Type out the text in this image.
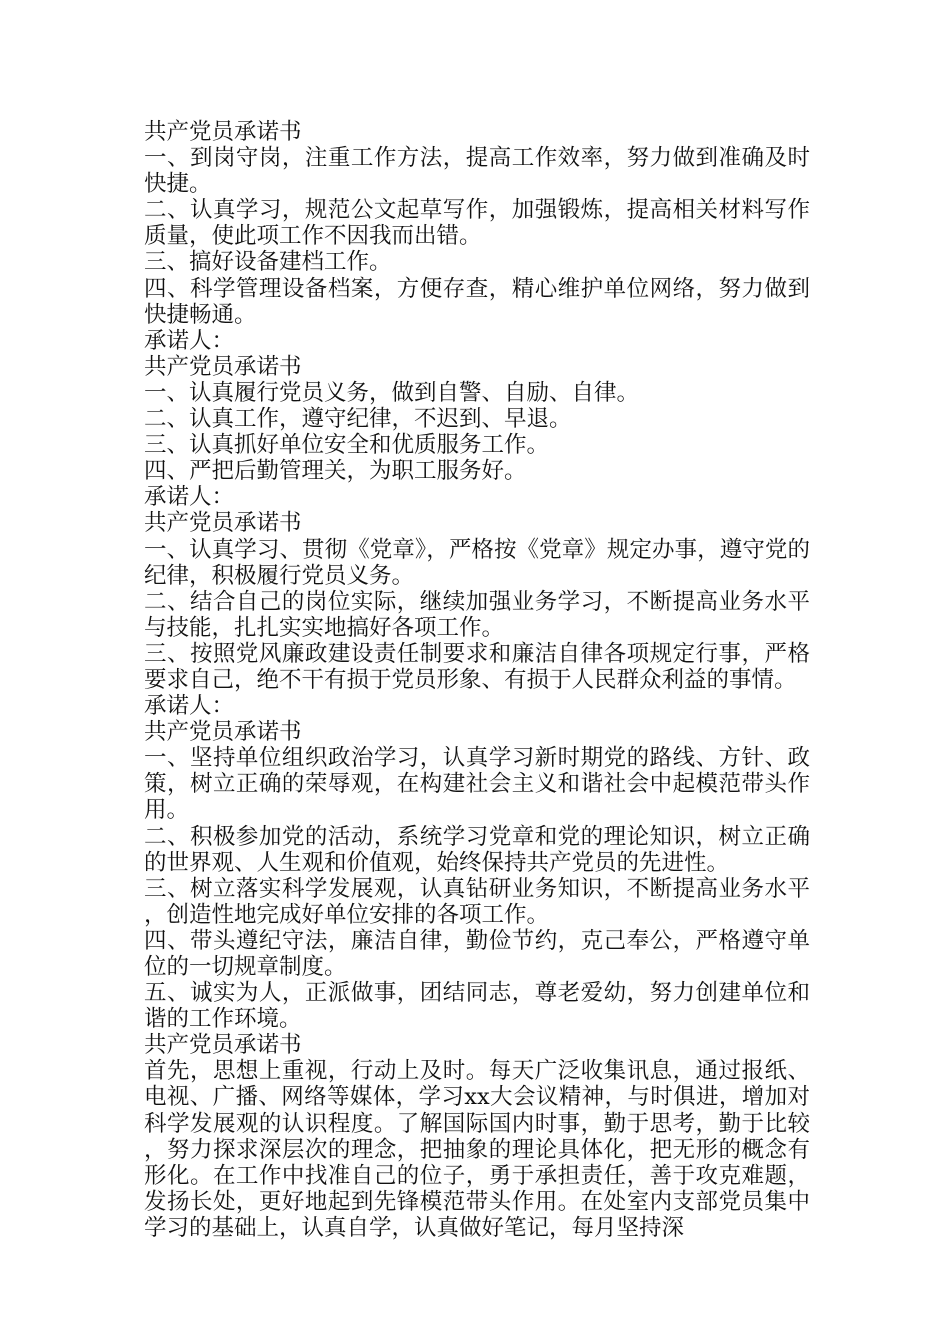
共产党员承诺书

一、到岗守岗，注重工作方法，提高工作效率，努力做到准确及时快捷。

二、认真学习，规范公文起草写作，加强锻炼，提高相关材料写作质量，使此项工作不因我而出错。

三、搞好设备建档工作。

四、科学管理设备档案，方便存查，精心维护单位网络，努力做到快捷畅通。

承诺人：

共产党员承诺书

一、认真履行党员义务，做到自警、自励、自律。

二、认真工作，遵守纪律，不迟到、早退。

三、认真抓好单位安全和优质服务工作。

四、严把后勤管理关，为职工服务好。

承诺人：

共产党员承诺书

一、认真学习、贯彻《党章》，严格按《党章》规定办事，遵守党的纪律，积极履行党员义务。

二、结合自己的岗位实际，继续加强业务学习，不断提高业务水平与技能，扎扎实实地搞好各项工作。

三、按照党风廉政建设责任制要求和廉洁自律各项规定行事，严格要求自己，绝不干有损于党员形象、有损于人民群众利益的事情。

承诺人：

共产党员承诺书

一、坚持单位组织政治学习，认真学习新时期党的路线、方针、政策，树立正确的荣辱观，在构建社会主义和谐社会中起模范带头作用。

二、积极参加党的活动，系统学习党章和党的理论知识，树立正确的世界观、人生观和价值观，始终保持共产党员的先进性。

三、树立落实科学发展观，认真钻研业务知识，不断提高业务水平，创造性地完成好单位安排的各项工作。

四、带头遵纪守法，廉洁自律，勤俭节约，克己奉公，严格遵守单位的一切规章制度。

五、诚实为人，正派做事，团结同志，尊老爱幼，努力创建单位和谐的工作环境。

共产党员承诺书

首先，思想上重视，行动上及时。每天广泛收集讯息，通过报纸、电视、广播、网络等媒体，学习xx大会议精神，与时俱进，增加对科学发展观的认识程度。了解国际国内时事，勤于思考，勤于比较，努力探求深层次的理念，把抽象的理论具体化，把无形的概念有形化。在工作中找准自己的位子，勇于承担责任，善于攻克难题，发扬长处，更好地起到先锋模范带头作用。在处室内支部党员集中学习的基础上，认真自学，认真做好笔记，每月坚持深
